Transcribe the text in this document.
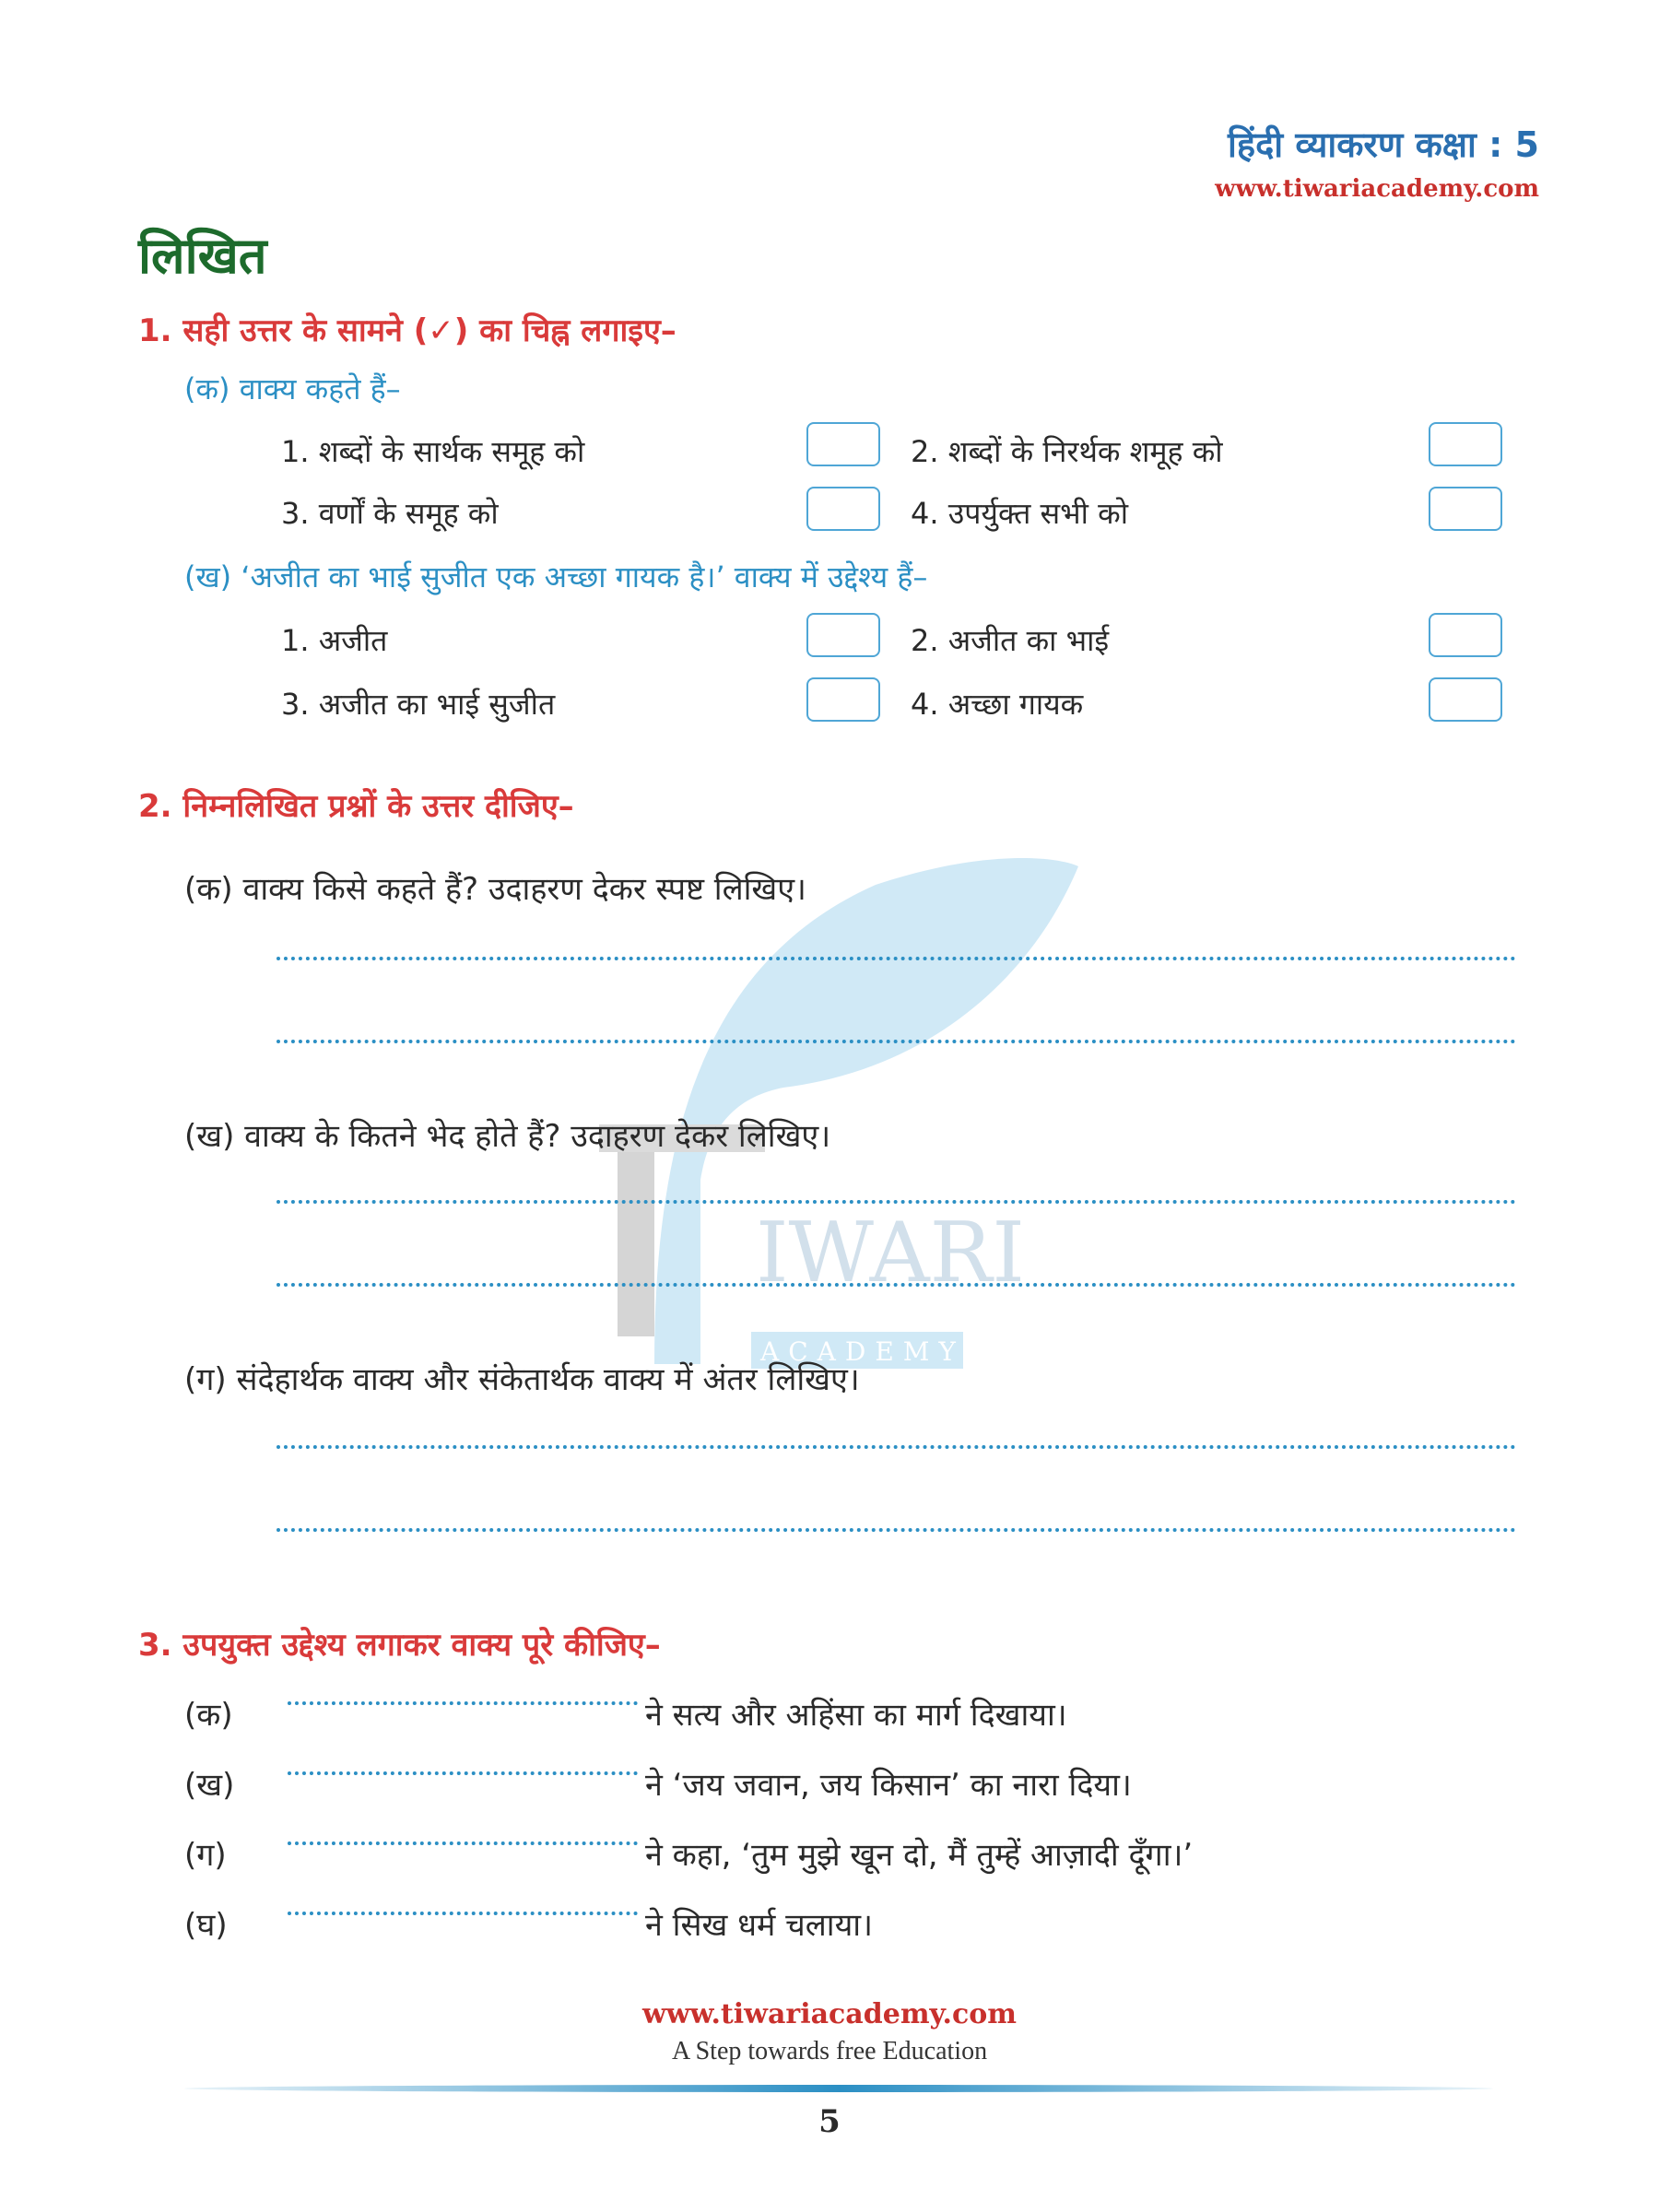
हिंदी व्याकरण कक्षा : 5
www.tiwariacademy.com
लिखित
IWARI
ACADEMY
1. सही उत्तर के सामने (✓) का चिह्न लगाइए–
(क) वाक्य कहते हैं–
1. शब्दों के सार्थक समूह को	2. शब्दों के निरर्थक शमूह को
3. वर्णों के समूह को	4. उपर्युक्त सभी को
(ख) ‘अजीत का भाई सुजीत एक अच्छा गायक है।’ वाक्य में उद्देश्य हैं–
1. अजीत	2. अजीत का भाई
3. अजीत का भाई सुजीत	4. अच्छा गायक
2. निम्नलिखित प्रश्नों के उत्तर दीजिए–
(क) वाक्य किसे कहते हैं? उदाहरण देकर स्पष्ट लिखिए।
(ख) वाक्य के कितने भेद होते हैं? उदाहरण देकर लिखिए।
(ग) संदेहार्थक वाक्य और संकेतार्थक वाक्य में अंतर लिखिए।
3. उपयुक्त उद्देश्य लगाकर वाक्य पूरे कीजिए–
(क)	ने सत्य और अहिंसा का मार्ग दिखाया।
(ख)	ने ‘जय जवान, जय किसान’ का नारा दिया।
(ग)	ने कहा, ‘तुम मुझे खून दो, मैं तुम्हें आज़ादी दूँगा।’
(घ)	ने सिख धर्म चलाया।
www.tiwariacademy.com
A Step towards free Education
5
